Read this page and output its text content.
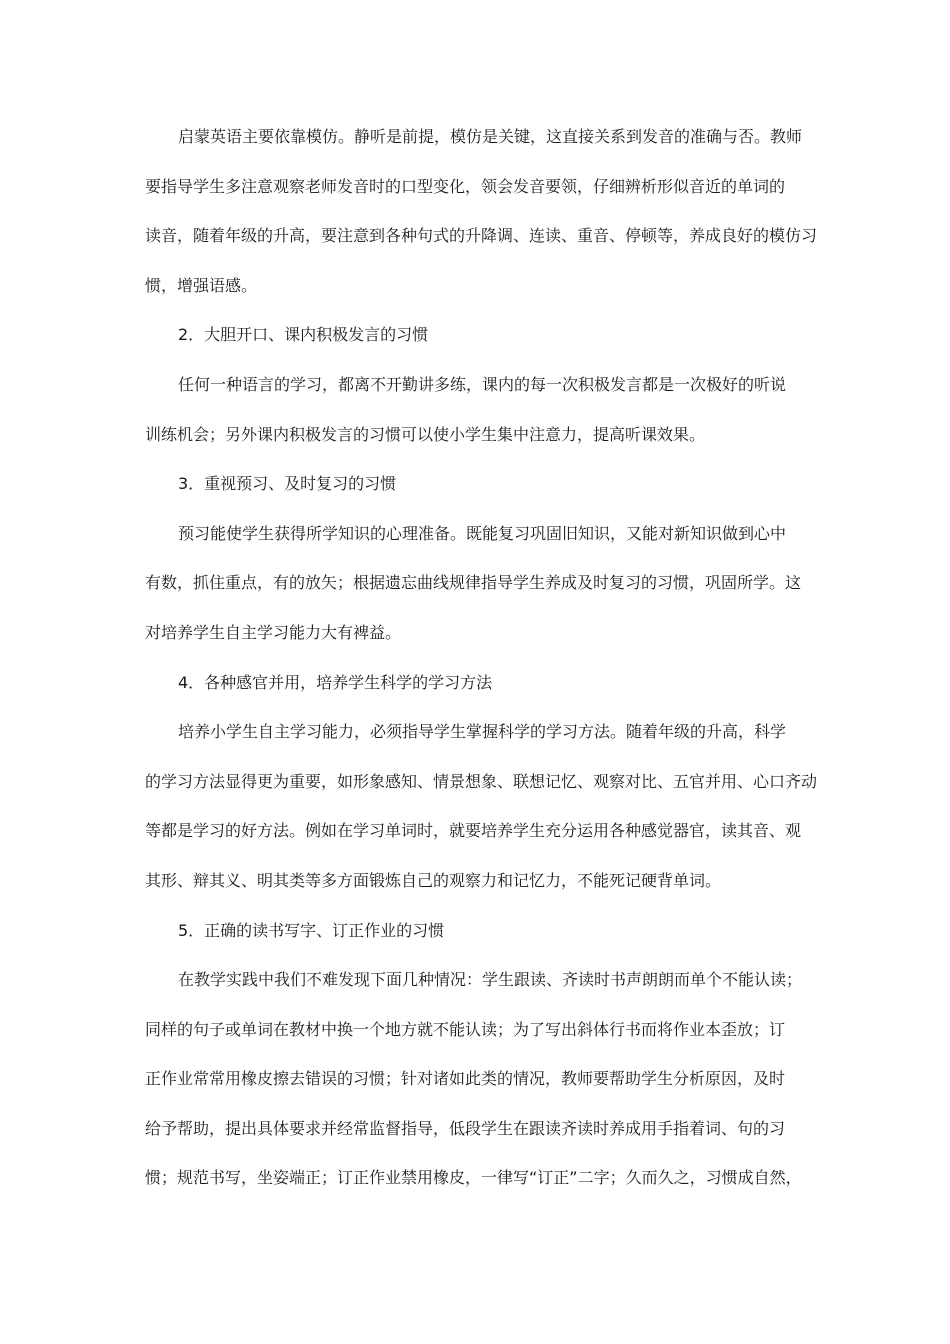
启蒙英语主要依靠模仿。静听是前提，模仿是关键，这直接关系到发音的准确与否。教师
要指导学生多注意观察老师发音时的口型变化，领会发音要领，仔细辨析形似音近的单词的
读音，随着年级的升高，要注意到各种句式的升降调、连读、重音、停顿等，养成良好的模仿习
惯，增强语感。
2．大胆开口、课内积极发言的习惯
任何一种语言的学习，都离不开勤讲多练，课内的每一次积极发言都是一次极好的听说
训练机会；另外课内积极发言的习惯可以使小学生集中注意力，提高听课效果。
3．重视预习、及时复习的习惯
预习能使学生获得所学知识的心理准备。既能复习巩固旧知识，又能对新知识做到心中
有数，抓住重点，有的放矢；根据遗忘曲线规律指导学生养成及时复习的习惯，巩固所学。这
对培养学生自主学习能力大有裨益。
4．各种感官并用，培养学生科学的学习方法
培养小学生自主学习能力，必须指导学生掌握科学的学习方法。随着年级的升高，科学
的学习方法显得更为重要，如形象感知、情景想象、联想记忆、观察对比、五官并用、心口齐动
等都是学习的好方法。例如在学习单词时，就要培养学生充分运用各种感觉器官，读其音、观
其形、辩其义、明其类等多方面锻炼自己的观察力和记忆力，不能死记硬背单词。
5．正确的读书写字、订正作业的习惯
在教学实践中我们不难发现下面几种情况：学生跟读、齐读时书声朗朗而单个不能认读；
同样的句子或单词在教材中换一个地方就不能认读；为了写出斜体行书而将作业本歪放；订
正作业常常用橡皮擦去错误的习惯；针对诸如此类的情况，教师要帮助学生分析原因，及时
给予帮助，提出具体要求并经常监督指导，低段学生在跟读齐读时养成用手指着词、句的习
惯；规范书写，坐姿端正；订正作业禁用橡皮，一律写“订正”二字；久而久之，习惯成自然，
